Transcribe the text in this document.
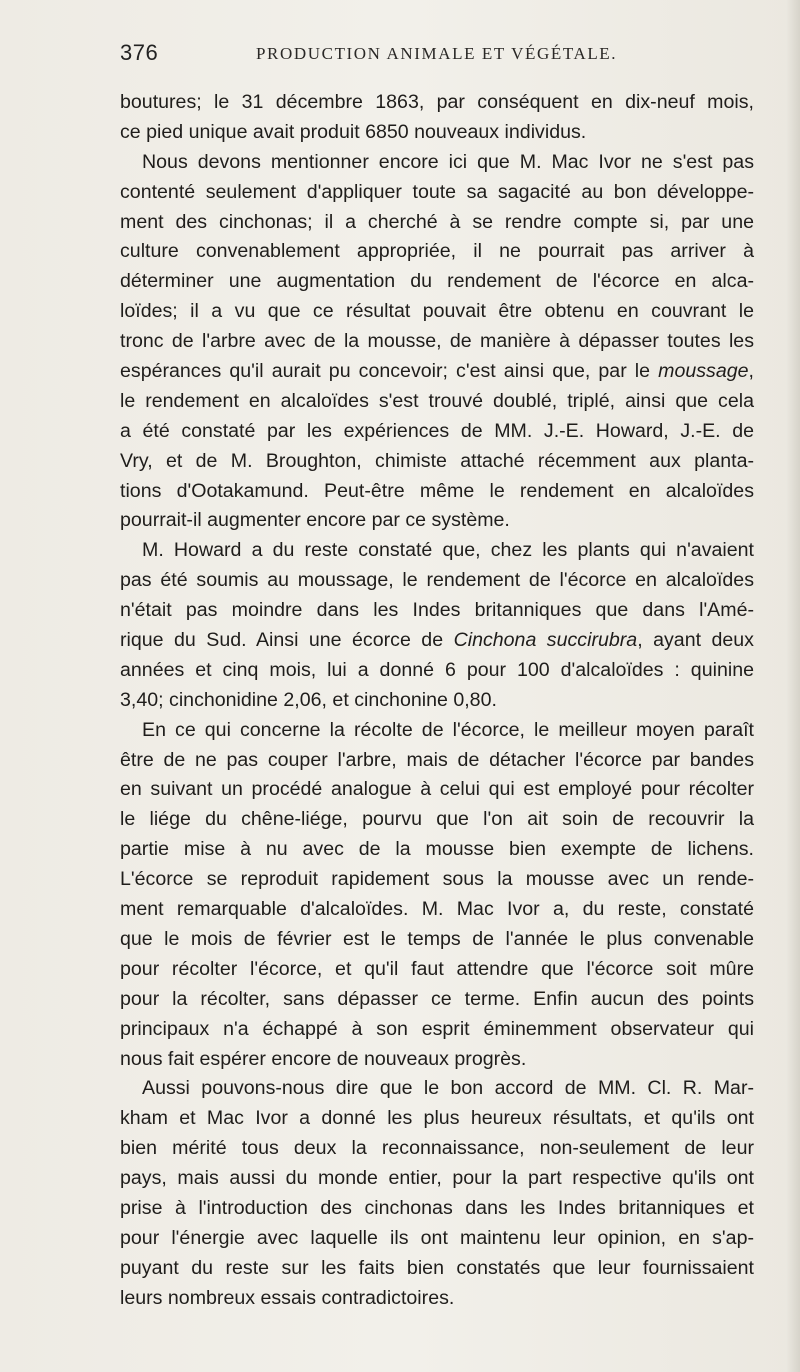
376	PRODUCTION ANIMALE ET VÉGÉTALE.
boutures; le 31 décembre 1863, par conséquent en dix-neuf mois,
ce pied unique avait produit 6850 nouveaux individus.
Nous devons mentionner encore ici que M. Mac Ivor ne s'est pas
contenté seulement d'appliquer toute sa sagacité au bon développe-
ment des cinchonas; il a cherché à se rendre compte si, par une
culture convenablement appropriée, il ne pourrait pas arriver à
déterminer une augmentation du rendement de l'écorce en alca-
loïdes; il a vu que ce résultat pouvait être obtenu en couvrant le
tronc de l'arbre avec de la mousse, de manière à dépasser toutes les
espérances qu'il aurait pu concevoir; c'est ainsi que, par le moussage,
le rendement en alcaloïdes s'est trouvé doublé, triplé, ainsi que cela
a été constaté par les expériences de MM. J.-E. Howard, J.-E. de
Vry, et de M. Broughton, chimiste attaché récemment aux planta-
tions d'Ootakamund. Peut-être même le rendement en alcaloïdes
pourrait-il augmenter encore par ce système.
M. Howard a du reste constaté que, chez les plants qui n'avaient
pas été soumis au moussage, le rendement de l'écorce en alcaloïdes
n'était pas moindre dans les Indes britanniques que dans l'Amé-
rique du Sud. Ainsi une écorce de Cinchona succirubra, ayant deux
années et cinq mois, lui a donné 6 pour 100 d'alcaloïdes : quinine
3,40; cinchonidine 2,06, et cinchonine 0,80.
En ce qui concerne la récolte de l'écorce, le meilleur moyen paraît
être de ne pas couper l'arbre, mais de détacher l'écorce par bandes
en suivant un procédé analogue à celui qui est employé pour récolter
le liége du chêne-liége, pourvu que l'on ait soin de recouvrir la
partie mise à nu avec de la mousse bien exempte de lichens.
L'écorce se reproduit rapidement sous la mousse avec un rende-
ment remarquable d'alcaloïdes. M. Mac Ivor a, du reste, constaté
que le mois de février est le temps de l'année le plus convenable
pour récolter l'écorce, et qu'il faut attendre que l'écorce soit mûre
pour la récolter, sans dépasser ce terme. Enfin aucun des points
principaux n'a échappé à son esprit éminemment observateur qui
nous fait espérer encore de nouveaux progrès.
Aussi pouvons-nous dire que le bon accord de MM. Cl. R. Mar-
kham et Mac Ivor a donné les plus heureux résultats, et qu'ils ont
bien mérité tous deux la reconnaissance, non-seulement de leur
pays, mais aussi du monde entier, pour la part respective qu'ils ont
prise à l'introduction des cinchonas dans les Indes britanniques et
pour l'énergie avec laquelle ils ont maintenu leur opinion, en s'ap-
puyant du reste sur les faits bien constatés que leur fournissaient
leurs nombreux essais contradictoires.
